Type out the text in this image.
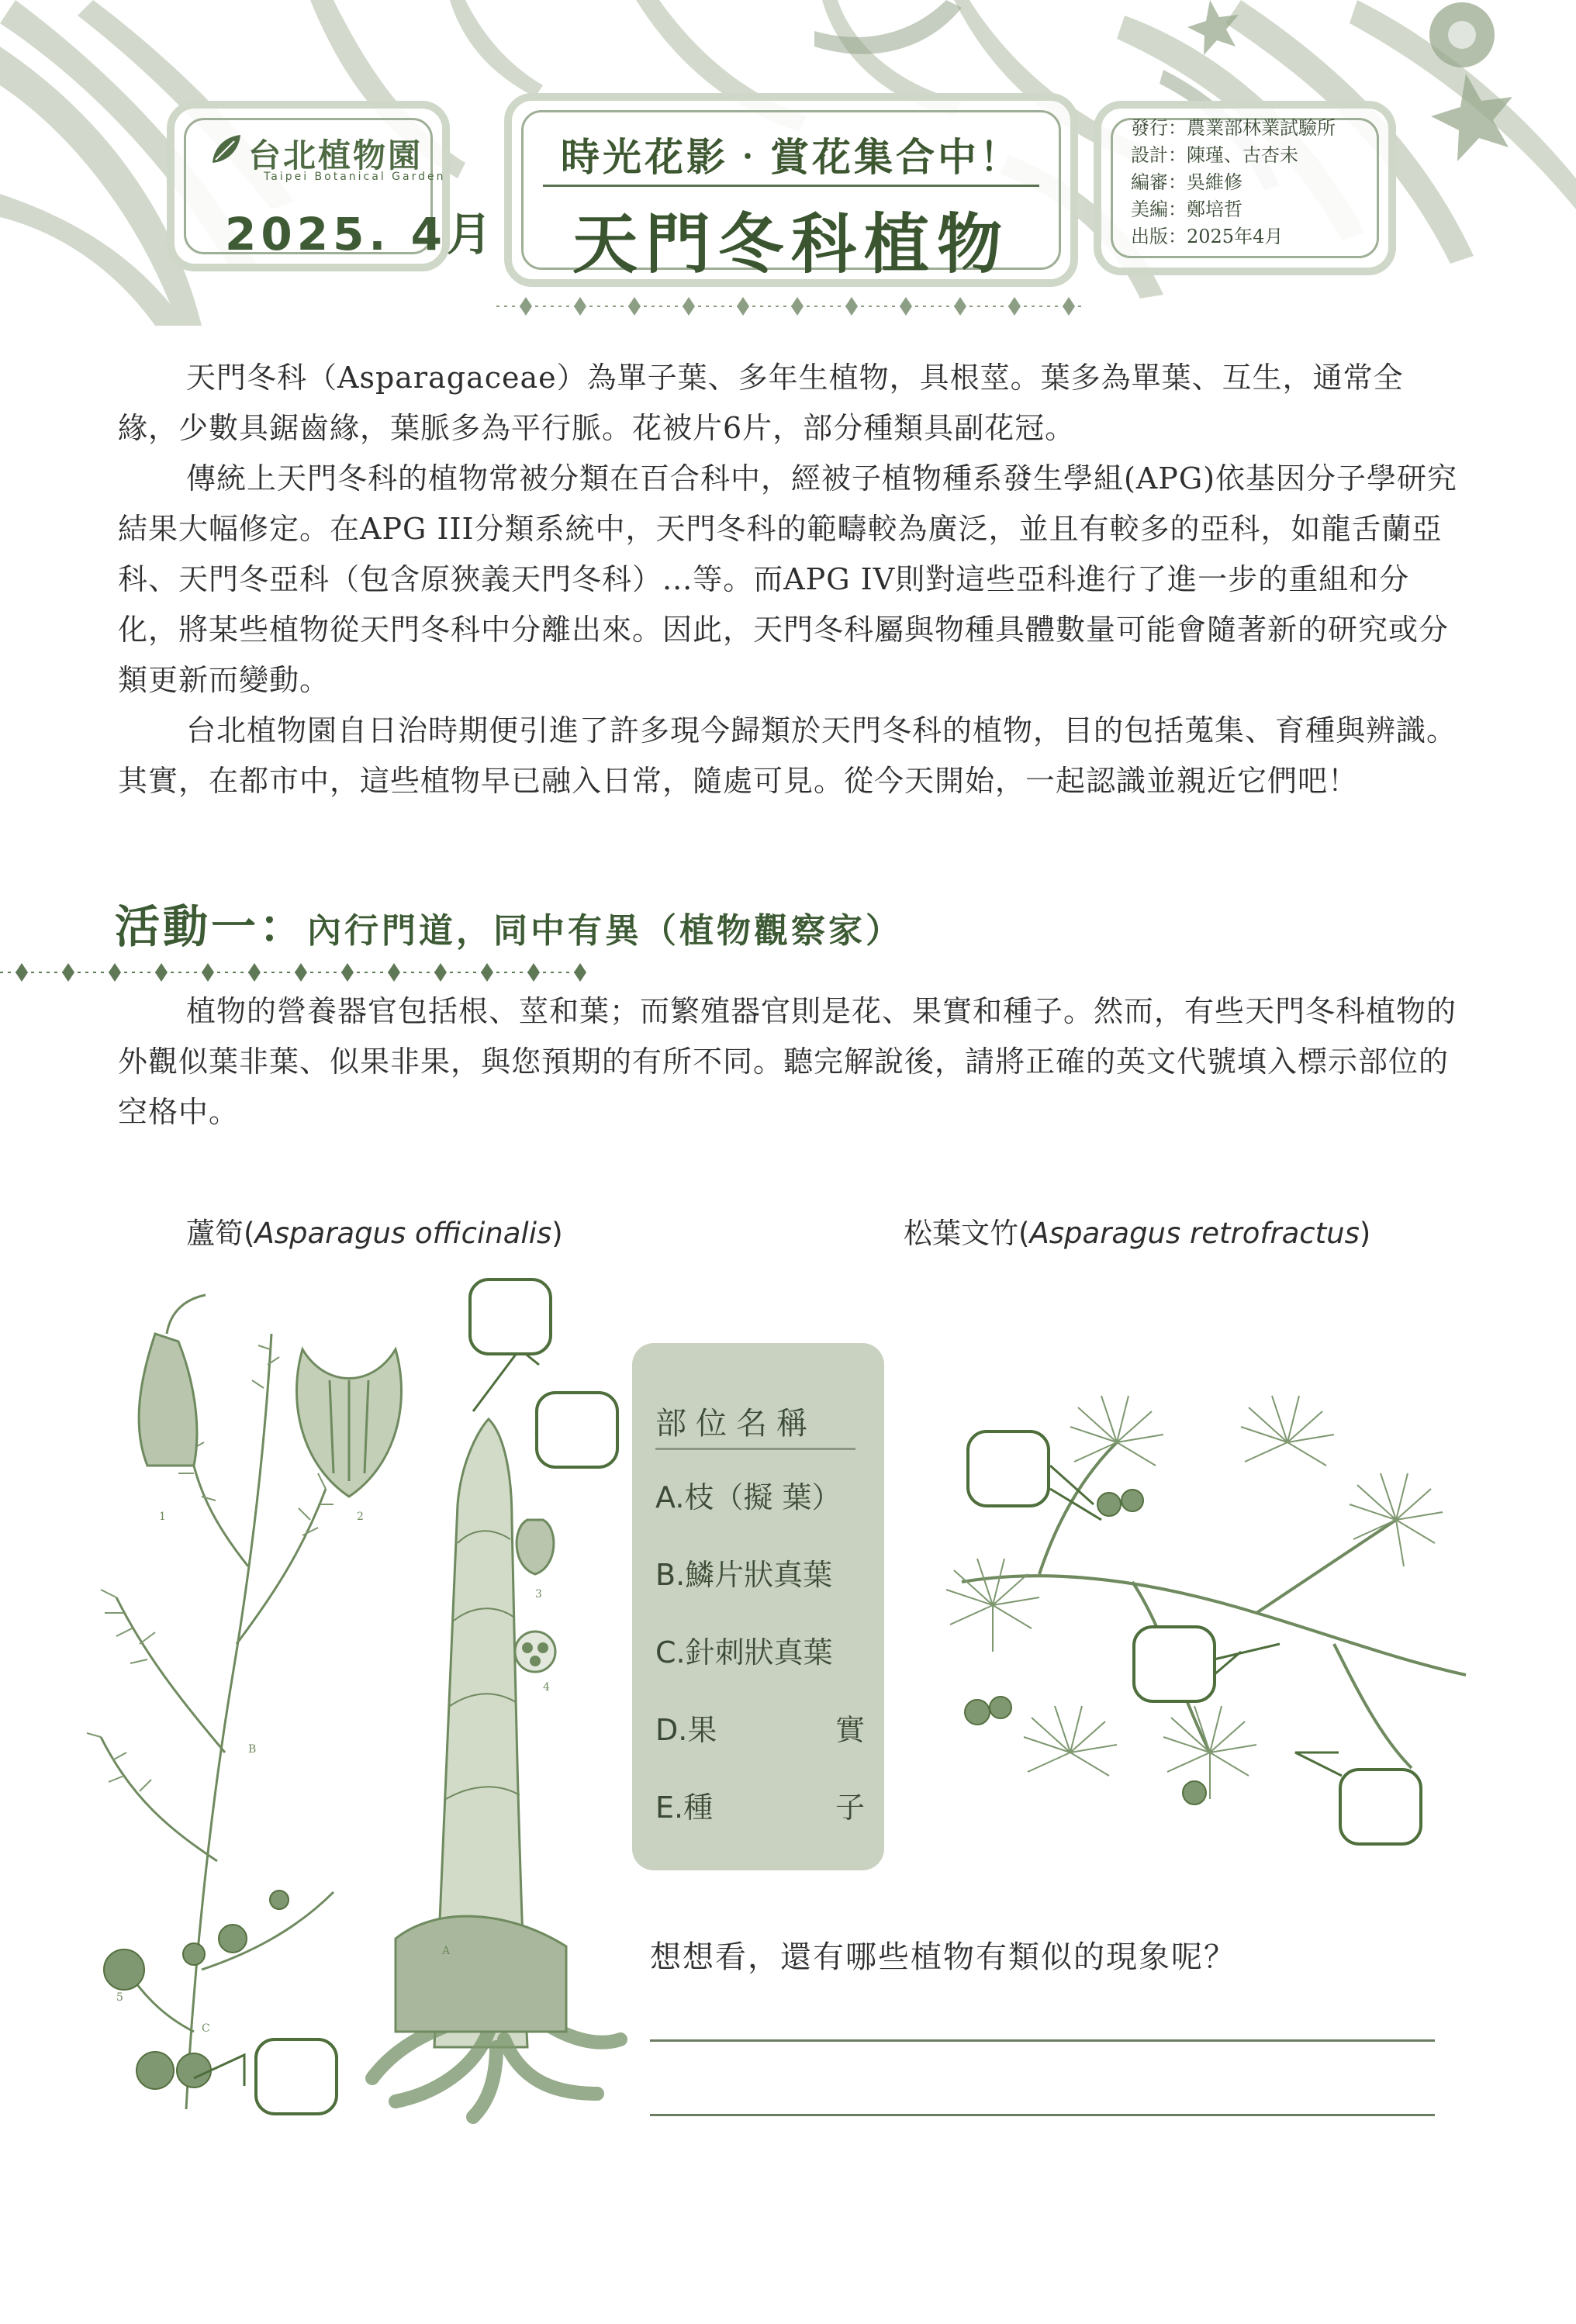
台北植物園
Taipei Botanical Garden
2025. 4月
時光花影‧賞花集合中！
天門冬科植物
發行：農業部林業試驗所
設計：陳瑾、古杏未
編審：吳維修
美編：鄭培哲
出版：2025年4月
天門冬科（Asparagaceae）為單子葉、多年生植物，具根莖。葉多為單葉、互生，通常全緣，少數具鋸齒緣，葉脈多為平行脈。花被片6片，部分種類具副花冠。
傳統上天門冬科的植物常被分類在百合科中，經被子植物種系發生學組(APG)依基因分子學研究結果大幅修定。在APG III分類系統中，天門冬科的範疇較為廣泛，並且有較多的亞科，如龍舌蘭亞科、天門冬亞科（包含原狹義天門冬科）...等。而APG IV則對這些亞科進行了進一步的重組和分化，將某些植物從天門冬科中分離出來。因此，天門冬科屬與物種具體數量可能會隨著新的研究或分類更新而變動。
台北植物園自日治時期便引進了許多現今歸類於天門冬科的植物，目的包括蒐集、育種與辨識。其實，在都市中，這些植物早已融入日常，隨處可見。從今天開始，一起認識並親近它們吧！
活動一：內行門道，同中有異（植物觀察家）
植物的營養器官包括根、莖和葉；而繁殖器官則是花、果實和種子。然而，有些天門冬科植物的外觀似葉非葉、似果非果，與您預期的有所不同。聽完解說後，請將正確的英文代號填入標示部位的空格中。
蘆筍(Asparagus officinalis)	松葉文竹(Asparagus retrofractus)
1	2
3
4
A
B
C
5
部位名稱
A.枝（擬 葉）
B.鱗片狀真葉
C.針刺狀真葉
D.果	實
E.種	子
想想看，還有哪些植物有類似的現象呢？
